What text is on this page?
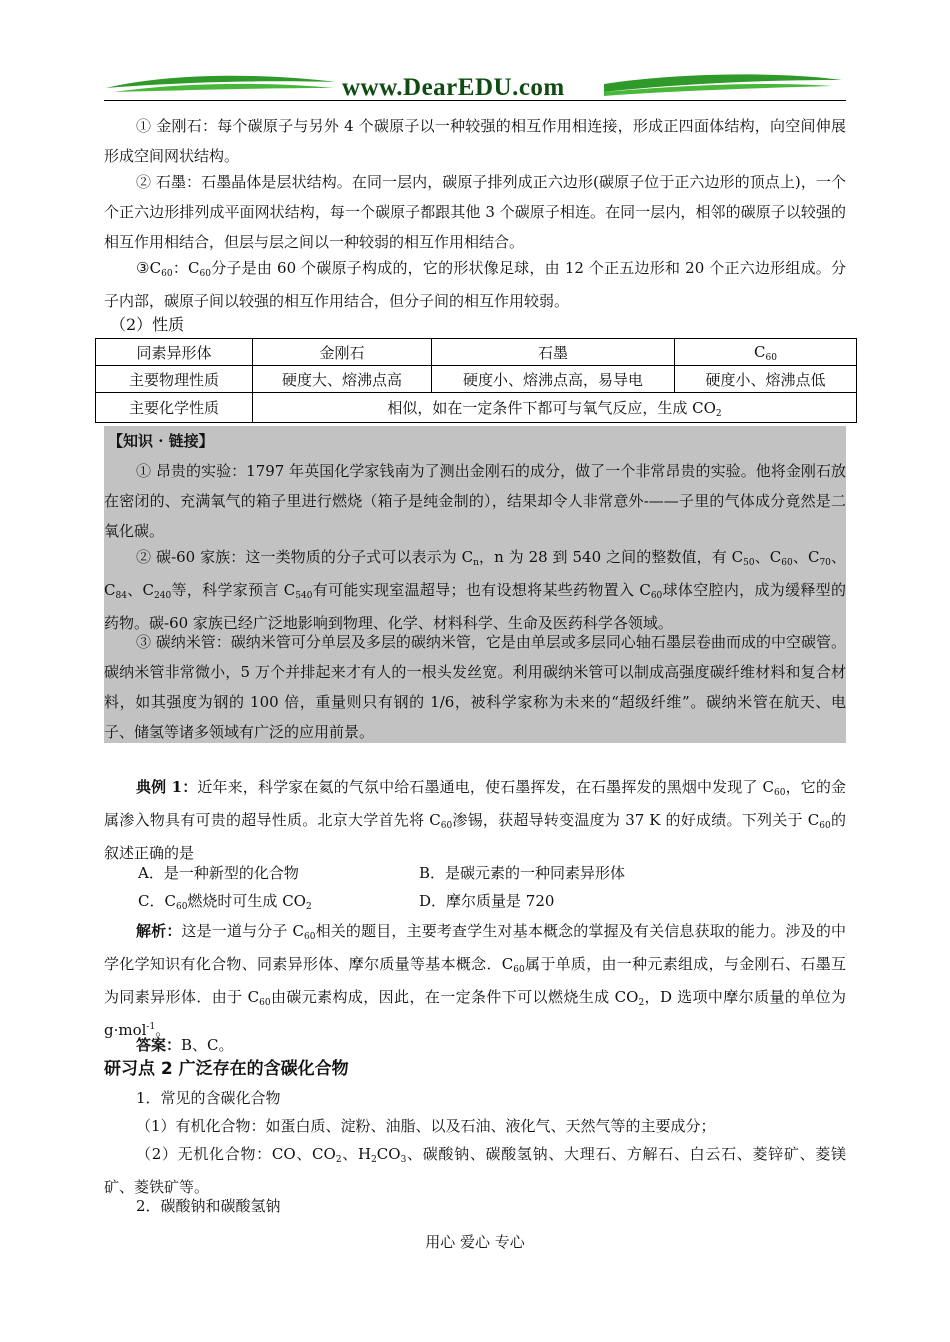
www.DearEDU.com
① 金刚石：每个碳原子与另外 4 个碳原子以一种较强的相互作用相连接，形成正四面体结构，向空间伸展形成空间网状结构。
② 石墨：石墨晶体是层状结构。在同一层内，碳原子排列成正六边形(碳原子位于正六边形的顶点上)，一个个正六边形排列成平面网状结构，每一个碳原子都跟其他 3 个碳原子相连。在同一层内，相邻的碳原子以较强的相互作用相结合，但层与层之间以一种较弱的相互作用相结合。
$③C_{60}$：$C_{60}$分子是由 60 个碳原子构成的，它的形状像足球，由 12 个正五边形和 20 个正六边形组成。分子内部，碳原子间以较强的相互作用结合，但分子间的相互作用较弱。
（2）性质
同素异形体	金刚石	石墨	$C_{60}$
主要物理性质	硬度大、熔沸点高	硬度小、熔沸点高，易导电	硬度小、熔沸点低
主要化学性质	相似，如在一定条件下都可与氧气反应，生成 $CO_2$
【知识 · 链接】
① 昂贵的实验：1797 年英国化学家钱南为了测出金刚石的成分，做了一个非常昂贵的实验。他将金刚石放在密闭的、充满氧气的箱子里进行燃烧（箱子是纯金制的），结果却令人非常意外-——子里的气体成分竟然是二氧化碳。
② 碳-60 家族：这一类物质的分子式可以表示为 $C_n$，n 为 28 到 540 之间的整数值，有 $C_{50}$、$C_{60}$、$C_{70}$、$C_{84}$、$C_{240}$等，科学家预言 $C_{540}$有可能实现室温超导；也有设想将某些药物置入 $C_{60}$球体空腔内，成为缓释型的药物。碳-60 家族已经广泛地影响到物理、化学、材料科学、生命及医药科学各领域。
③ 碳纳米管：碳纳米管可分单层及多层的碳纳米管，它是由单层或多层同心轴石墨层卷曲而成的中空碳管。碳纳米管非常微小，5 万个并排起来才有人的一根头发丝宽。利用碳纳米管可以制成高强度碳纤维材料和复合材料，如其强度为钢的 100 倍，重量则只有钢的 1/6，被科学家称为未来的“超级纤维”。碳纳米管在航天、电子、储氢等诸多领域有广泛的应用前景。
典例 1：近年来，科学家在氦的气氛中给石墨通电，使石墨挥发，在石墨挥发的黑烟中发现了 $C_{60}$，它的金属渗入物具有可贵的超导性质。北京大学首先将 $C_{60}$渗锡，获超导转变温度为 37 K 的好成绩。下列关于 $C_{60}$的叙述正确的是
A．是一种新型的化合物	B．是碳元素的一种同素异形体
C．$C_{60}$燃烧时可生成 $CO_2$	D．摩尔质量是 720
解析：这是一道与分子 $C_{60}$相关的题目，主要考查学生对基本概念的掌握及有关信息获取的能力。涉及的中学化学知识有化合物、同素异形体、摩尔质量等基本概念．$C_{60}$属于单质，由一种元素组成，与金刚石、石墨互为同素异形体．由于 $C_{60}$由碳元素构成，因此，在一定条件下可以燃烧生成 $CO_2$，D 选项中摩尔质量的单位为 g·mol$^{-1}$。
答案：B、C。
研习点 2 广泛存在的含碳化合物
1．常见的含碳化合物
（1）有机化合物：如蛋白质、淀粉、油脂、以及石油、液化气、天然气等的主要成分；
（2）无机化合物：CO、$CO_2$、$H_2CO_3$、碳酸钠、碳酸氢钠、大理石、方解石、白云石、菱锌矿、菱镁矿、菱铁矿等。
2．碳酸钠和碳酸氢钠
用心 爱心 专心
